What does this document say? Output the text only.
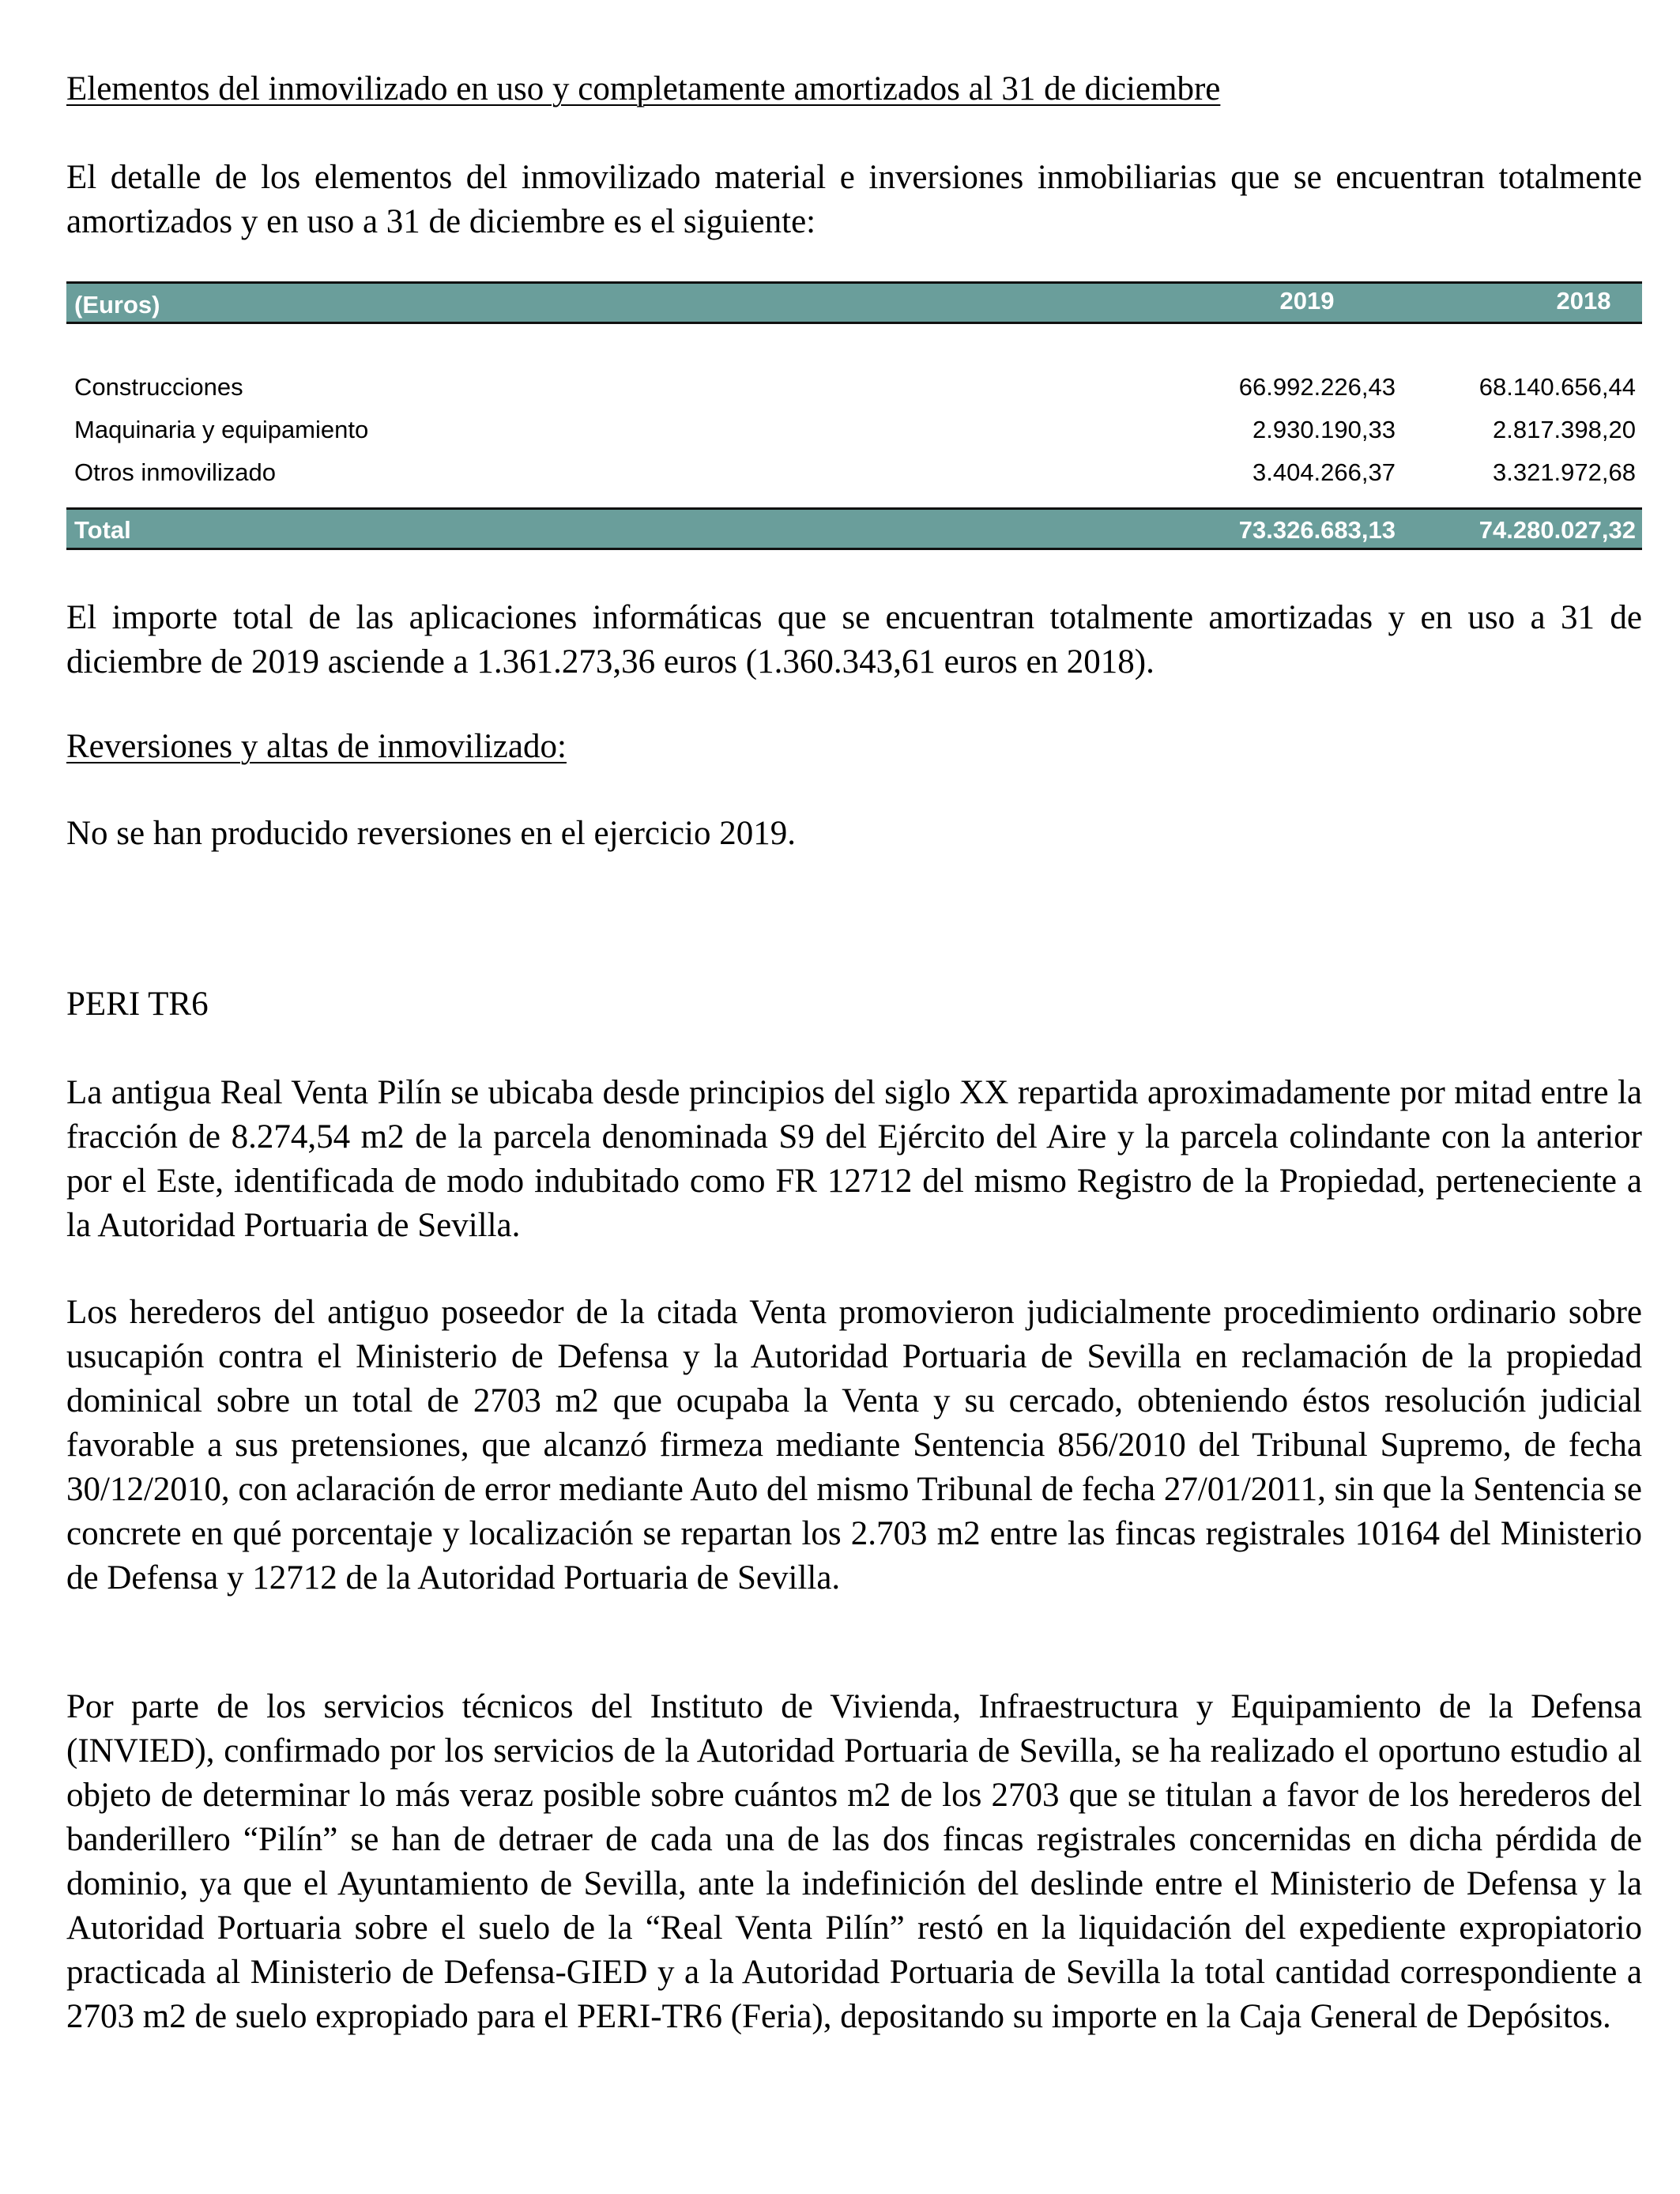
Elementos del inmovilizado en uso y completamente amortizados al 31 de diciembre

El detalle de los elementos del inmovilizado material e inversiones inmobiliarias que se encuentran totalmente amortizados y en uso a 31 de diciembre es el siguiente:

(Euros)	2019	2018
Construcciones	66.992.226,43	68.140.656,44
Maquinaria y equipamiento	2.930.190,33	2.817.398,20
Otros inmovilizado	3.404.266,37	3.321.972,68
Total	73.326.683,13	74.280.027,32

El importe total de las aplicaciones informáticas que se encuentran totalmente amortizadas y en uso a 31 de diciembre de 2019 asciende a 1.361.273,36 euros (1.360.343,61 euros en 2018).

Reversiones y altas de inmovilizado:

No se han producido reversiones en el ejercicio 2019.

PERI TR6

La antigua Real Venta Pilín se ubicaba desde principios del siglo XX repartida aproximadamente por mitad entre la fracción de 8.274,54 m2 de la parcela denominada S9 del Ejército del Aire y la parcela colindante con la anterior por el Este, identificada de modo indubitado como FR 12712 del mismo Registro de la Propiedad, perteneciente a la Autoridad Portuaria de Sevilla.

Los herederos del antiguo poseedor de la citada Venta promovieron judicialmente procedimiento ordinario sobre usucapión contra el Ministerio de Defensa y la Autoridad Portuaria de Sevilla en reclamación de la propiedad dominical sobre un total de 2703 m2 que ocupaba la Venta y su cercado, obteniendo éstos resolución judicial favorable a sus pretensiones, que alcanzó firmeza mediante Sentencia 856/2010 del Tribunal Supremo, de fecha 30/12/2010, con aclaración de error mediante Auto del mismo Tribunal de fecha 27/01/2011, sin que la Sentencia se concrete en qué porcentaje y localización se repartan los 2.703 m2 entre las fincas registrales 10164 del Ministerio de Defensa y 12712 de la Autoridad Portuaria de Sevilla.

Por parte de los servicios técnicos del Instituto de Vivienda, Infraestructura y Equipamiento de la Defensa (INVIED), confirmado por los servicios de la Autoridad Portuaria de Sevilla, se ha realizado el oportuno estudio al objeto de determinar lo más veraz posible sobre cuántos m2 de los 2703 que se titulan a favor de los herederos del banderillero “Pilín” se han de detraer de cada una de las dos fincas registrales concernidas en dicha pérdida de dominio, ya que el Ayuntamiento de Sevilla, ante la indefinición del deslinde entre el Ministerio de Defensa y la Autoridad Portuaria sobre el suelo de la “Real Venta Pilín” restó en la liquidación del expediente expropiatorio practicada al Ministerio de Defensa-GIED y a la Autoridad Portuaria de Sevilla la total cantidad correspondiente a 2703 m2 de suelo expropiado para el PERI-TR6 (Feria), depositando su importe en la Caja General de Depósitos.
